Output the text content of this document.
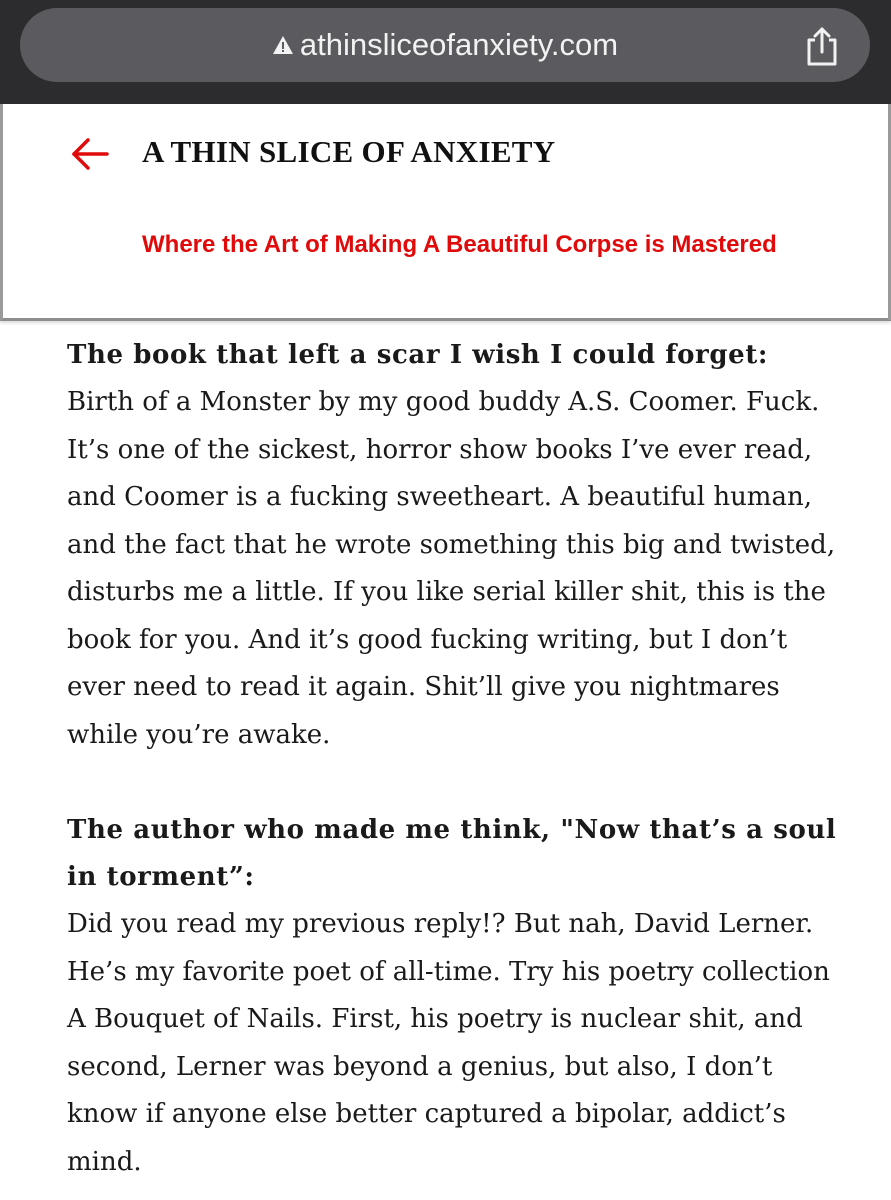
athinsliceofanxiety.com
A THIN SLICE OF ANXIETY
Where the Art of Making A Beautiful Corpse is Mastered

The book that left a scar I wish I could forget:

Birth of a Monster by my good buddy A.S. Coomer. Fuck. It’s one of the sickest, horror show books I’ve ever read, and Coomer is a fucking sweetheart. A beautiful human, and the fact that he wrote something this big and twisted, disturbs me a little. If you like serial killer shit, this is the book for you. And it’s good fucking writing, but I don’t ever need to read it again. Shit’ll give you nightmares while you’re awake.

The author who made me think, "Now that’s a soul in torment”:

Did you read my previous reply!? But nah, David Lerner. He’s my favorite poet of all-time. Try his poetry collection A Bouquet of Nails. First, his poetry is nuclear shit, and second, Lerner was beyond a genius, but also, I don’t know if anyone else better captured a bipolar, addict’s mind.
